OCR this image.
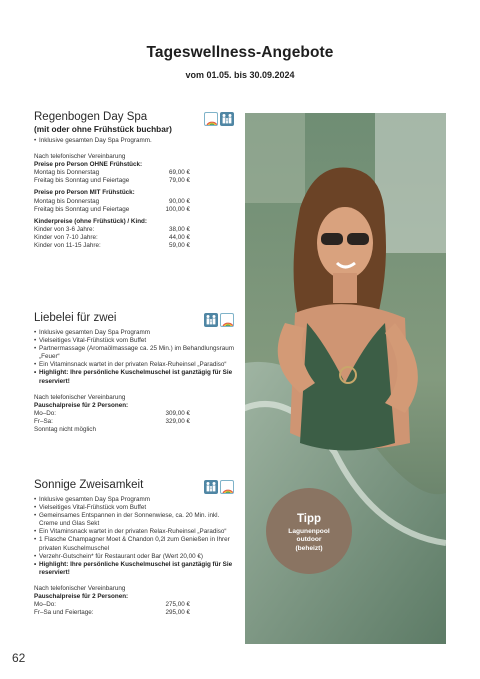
Tageswellness-Angebote
vom 01.05. bis 30.09.2024
Regenbogen Day Spa
(mit oder ohne Frühstück buchbar)
• Inklusive gesamten Day Spa Programm.
Nach telefonischer Vereinbarung
Preise pro Person OHNE Frühstück:
Montag bis Donnerstag	69,00 €
Freitag bis Sonntag und Feiertage	79,00 €
Preise pro Person MIT Frühstück:
Montag bis Donnerstag	90,00 €
Freitag bis Sonntag und Feiertage	100,00 €
Kinderpreise (ohne Frühstück) / Kind:
Kinder von 3-6 Jahre:	38,00 €
Kinder von 7-10 Jahre:	44,00 €
Kinder von 11-15 Jahre:	59,00 €
Liebelei für zwei
• Inklusive gesamten Day Spa Programm
• Vielseitiges Vital-Frühstück vom Buffet
• Partnermassage (Aromaölmassage ca. 25 Min.) im Behandlungsraum „Feuer“
• Ein Vitaminsnack wartet in der privaten Relax-Ruheinsel „Paradiso“
• Highlight: Ihre persönliche Kuschelmuschel ist ganztägig für Sie reserviert!
Nach telefonischer Vereinbarung
Pauschalpreise für 2 Personen:
Mo–Do:	309,00 €
Fr–Sa:	329,00 €
Sonntag nicht möglich
Sonnige Zweisamkeit
• Inklusive gesamten Day Spa Programm
• Vielseitiges Vital-Frühstück vom Buffet
• Gemeinsames Entspannen in der Sonnenwiese, ca. 20 Min. inkl. Creme und Glas Sekt
• Ein Vitaminsnack wartet in der privaten Relax-Ruheinsel „Paradiso“
• 1 Flasche Champagner Moet & Chandon 0,2l zum Genießen in Ihrer privaten Kuschelmuschel
• Verzehr-Gutschein* für Restaurant oder Bar (Wert 20,00 €)
• Highlight: Ihre persönliche Kuschelmuschel ist ganztägig für Sie reserviert!
Nach telefonischer Vereinbarung
Pauschalpreise für 2 Personen:
Mo–Do:	275,00 €
Fr–Sa und Feiertage:	295,00 €
Tipp
Lagunenpool
outdoor
(beheizt)
62
